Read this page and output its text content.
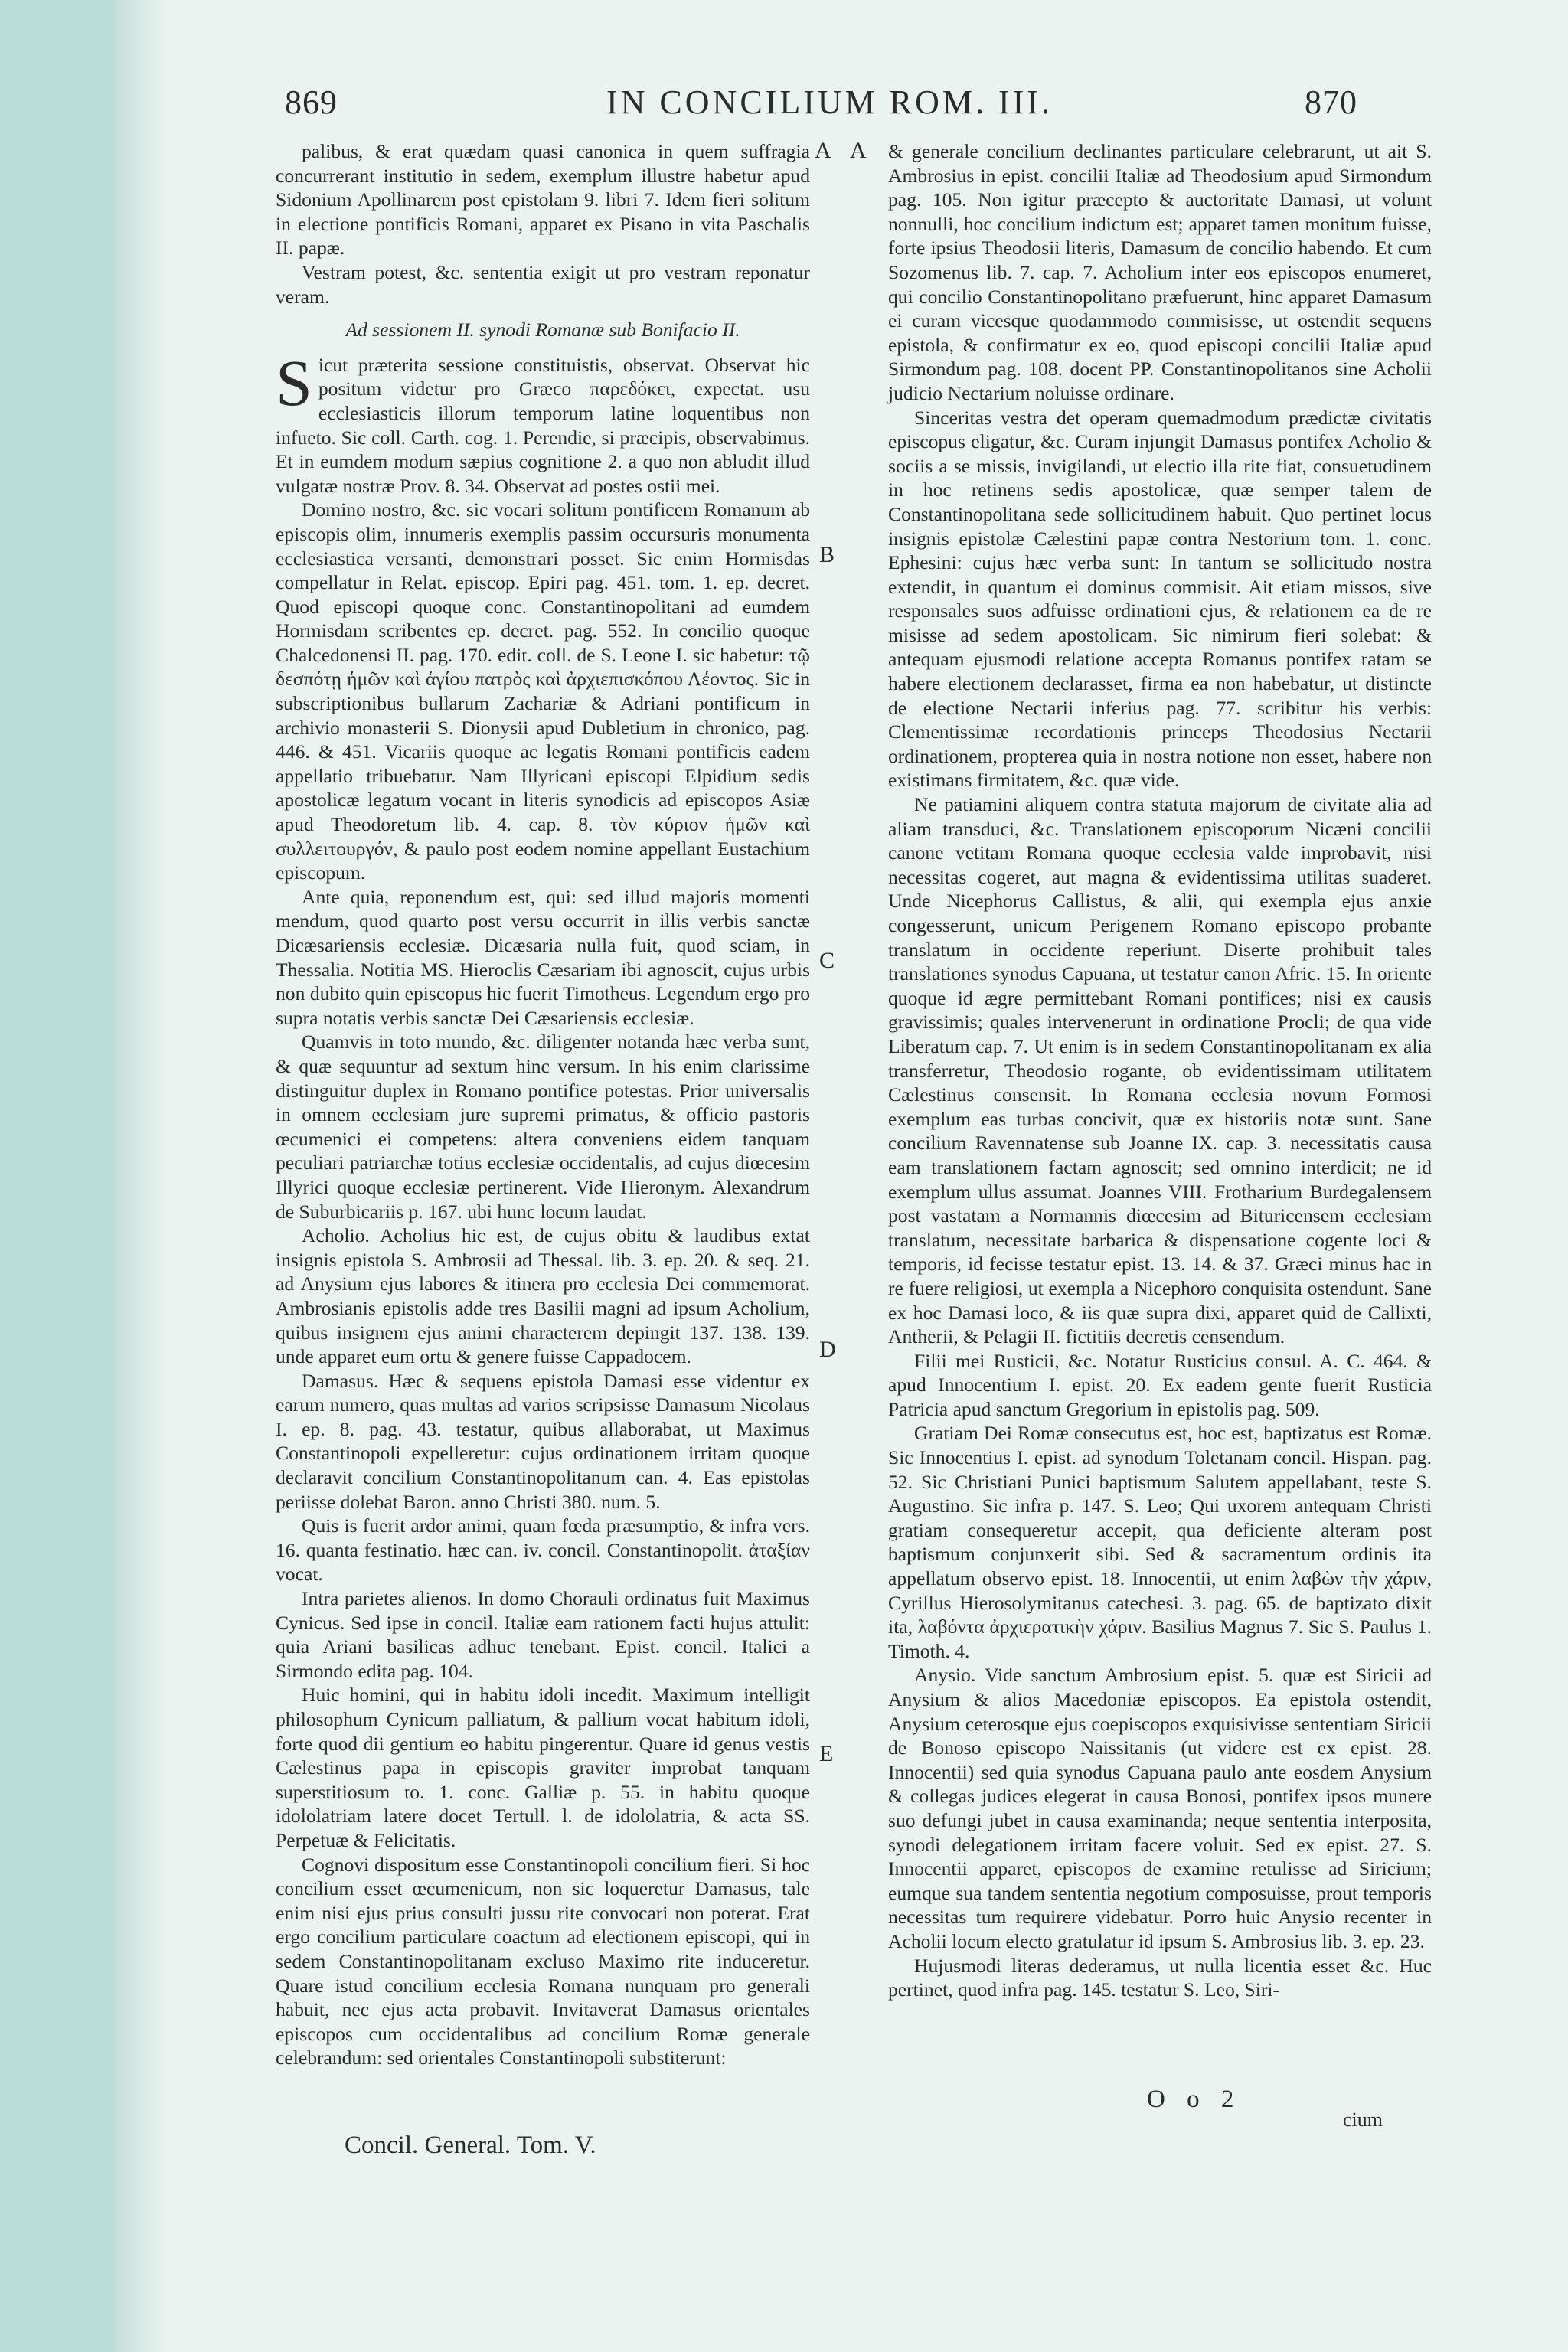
869	IN CONCILIUM ROM. III.	870

palibus, & erat quædam quasi canonica in quem suffragia concurrerant institutio in sedem, exemplum illustre habetur apud Sidonium Apollinarem post epistolam 9. libri 7. Idem fieri solitum in electione pontificis Romani, apparet ex Pisano in vita Paschalis II. papæ.

Vestram potest, &c. sententia exigit ut pro vestram reponatur veram.

Ad sessionem II. synodi Romanæ sub Bonifacio II.

Sicut præterita sessione constituistis, observat. Observat hic positum videtur pro Græco παρεδόκει, expectat. usu ecclesiasticis illorum temporum latine loquentibus non infueto. Sic coll. Carth. cog. 1. Perendie, si præcipis, observabimus. Et in eumdem modum sæpius cognitione 2. a quo non abludit illud vulgatæ nostræ Prov. 8. 34. Observat ad postes ostii mei.

Domino nostro, &c. sic vocari solitum pontificem Romanum ab episcopis olim, innumeris exemplis passim occursuris monumenta ecclesiastica versanti, demonstrari posset. Sic enim Hormisdas compellatur in Relat. episcop. Epiri pag. 451. tom. 1. ep. decret. Quod episcopi quoque conc. Constantinopolitani ad eumdem Hormisdam scribentes ep. decret. pag. 552. In concilio quoque Chalcedonensi II. pag. 170. edit. coll. de S. Leone I. sic habetur: τῷ δεσπότῃ ἡμῶν καὶ ἁγίου πατρὸς καὶ ἀρχιεπισκόπου Λέοντος. Sic in subscriptionibus bullarum Zachariæ & Adriani pontificum in archivio monasterii S. Dionysii apud Dubletium in chronico, pag. 446. & 451. Vicariis quoque ac legatis Romani pontificis eadem appellatio tribuebatur. Nam Illyricani episcopi Elpidium sedis apostolicæ legatum vocant in literis synodicis ad episcopos Asiæ apud Theodoretum lib. 4. cap. 8. τὸν κύριον ἡμῶν καὶ συλλειτουργόν, & paulo post eodem nomine appellant Eustachium episcopum.

Ante quia, reponendum est, qui: sed illud majoris momenti mendum, quod quarto post versu occurrit in illis verbis sanctæ Dicæsariensis ecclesiæ. Dicæsaria nulla fuit, quod sciam, in Thessalia. Notitia MS. Hieroclis Cæsariam ibi agnoscit, cujus urbis non dubito quin episcopus hic fuerit Timotheus. Legendum ergo pro supra notatis verbis sanctæ Dei Cæsariensis ecclesiæ.

Quamvis in toto mundo, &c. diligenter notanda hæc verba sunt, & quæ sequuntur ad sextum hinc versum. In his enim clarissime distinguitur duplex in Romano pontifice potestas. Prior universalis in omnem ecclesiam jure supremi primatus, & officio pastoris œcumenici ei competens: altera conveniens eidem tanquam peculiari patriarchæ totius ecclesiæ occidentalis, ad cujus diœcesim Illyrici quoque ecclesiæ pertinerent. Vide Hieronym. Alexandrum de Suburbicariis p. 167. ubi hunc locum laudat.

Acholio. Acholius hic est, de cujus obitu & laudibus extat insignis epistola S. Ambrosii ad Thessal. lib. 3. ep. 20. & seq. 21. ad Anysium ejus labores & itinera pro ecclesia Dei commemorat. Ambrosianis epistolis adde tres Basilii magni ad ipsum Acholium, quibus insignem ejus animi characterem depingit 137. 138. 139. unde apparet eum ortu & genere fuisse Cappadocem.

Damasus. Hæc & sequens epistola Damasi esse videntur ex earum numero, quas multas ad varios scripsisse Damasum Nicolaus I. ep. 8. pag. 43. testatur, quibus allaborabat, ut Maximus Constantinopoli expelleretur: cujus ordinationem irritam quoque declaravit concilium Constantinopolitanum can. 4. Eas epistolas periisse dolebat Baron. anno Christi 380. num. 5.

Quis is fuerit ardor animi, quam fœda præsumptio, & infra vers. 16. quanta festinatio. hæc can. iv. concil. Constantinopolit. ἀταξίαν vocat.

Intra parietes alienos. In domo Chorauli ordinatus fuit Maximus Cynicus. Sed ipse in concil. Italiæ eam rationem facti hujus attulit: quia Ariani basilicas adhuc tenebant. Epist. concil. Italici a Sirmondo edita pag. 104.

Huic homini, qui in habitu idoli incedit. Maximum intelligit philosophum Cynicum palliatum, & pallium vocat habitum idoli, forte quod dii gentium eo habitu pingerentur. Quare id genus vestis Cælestinus papa in episcopis graviter improbat tanquam superstitiosum to. 1. conc. Galliæ p. 55. in habitu quoque idololatriam latere docet Tertull. l. de idololatria, & acta SS. Perpetuæ & Felicitatis.

Cognovi dispositum esse Constantinopoli concilium fieri. Si hoc concilium esset œcumenicum, non sic loqueretur Damasus, tale enim nisi ejus prius consulti jussu rite convocari non poterat. Erat ergo concilium particulare coactum ad electionem episcopi, qui in sedem Constantinopolitanam excluso Maximo rite induceretur. Quare istud concilium ecclesia Romana nunquam pro generali habuit, nec ejus acta probavit. Invitaverat Damasus orientales episcopos cum occidentalibus ad concilium Romæ generale celebrandum: sed orientales Constantinopoli substiterunt:

A A
B
C
D
E

& generale concilium declinantes particulare celebrarunt, ut ait S. Ambrosius in epist. concilii Italiæ ad Theodosium apud Sirmondum pag. 105. Non igitur præcepto & auctoritate Damasi, ut volunt nonnulli, hoc concilium indictum est; apparet tamen monitum fuisse, forte ipsius Theodosii literis, Damasum de concilio habendo. Et cum Sozomenus lib. 7. cap. 7. Acholium inter eos episcopos enumeret, qui concilio Constantinopolitano præfuerunt, hinc apparet Damasum ei curam vicesque quodammodo commisisse, ut ostendit sequens epistola, & confirmatur ex eo, quod episcopi concilii Italiæ apud Sirmondum pag. 108. docent PP. Constantinopolitanos sine Acholii judicio Nectarium noluisse ordinare.

Sinceritas vestra det operam quemadmodum prædictæ civitatis episcopus eligatur, &c. Curam injungit Damasus pontifex Acholio & sociis a se missis, invigilandi, ut electio illa rite fiat, consuetudinem in hoc retinens sedis apostolicæ, quæ semper talem de Constantinopolitana sede sollicitudinem habuit. Quo pertinet locus insignis epistolæ Cælestini papæ contra Nestorium tom. 1. conc. Ephesini: cujus hæc verba sunt: In tantum se sollicitudo nostra extendit, in quantum ei dominus commisit. Ait etiam missos, sive responsales suos adfuisse ordinationi ejus, & relationem ea de re misisse ad sedem apostolicam. Sic nimirum fieri solebat: & antequam ejusmodi relatione accepta Romanus pontifex ratam se habere electionem declarasset, firma ea non habebatur, ut distincte de electione Nectarii inferius pag. 77. scribitur his verbis: Clementissimæ recordationis princeps Theodosius Nectarii ordinationem, propterea quia in nostra notione non esset, habere non existimans firmitatem, &c. quæ vide.

Ne patiamini aliquem contra statuta majorum de civitate alia ad aliam transduci, &c. Translationem episcoporum Nicæni concilii canone vetitam Romana quoque ecclesia valde improbavit, nisi necessitas cogeret, aut magna & evidentissima utilitas suaderet. Unde Nicephorus Callistus, & alii, qui exempla ejus anxie congesserunt, unicum Perigenem Romano episcopo probante translatum in occidente reperiunt. Diserte prohibuit tales translationes synodus Capuana, ut testatur canon Afric. 15. In oriente quoque id ægre permittebant Romani pontifices; nisi ex causis gravissimis; quales intervenerunt in ordinatione Procli; de qua vide Liberatum cap. 7. Ut enim is in sedem Constantinopolitanam ex alia transferretur, Theodosio rogante, ob evidentissimam utilitatem Cælestinus consensit. In Romana ecclesia novum Formosi exemplum eas turbas concivit, quæ ex historiis notæ sunt. Sane concilium Ravennatense sub Joanne IX. cap. 3. necessitatis causa eam translationem factam agnoscit; sed omnino interdicit; ne id exemplum ullus assumat. Joannes VIII. Frotharium Burdegalensem post vastatam a Normannis diœcesim ad Bituricensem ecclesiam translatum, necessitate barbarica & dispensatione cogente loci & temporis, id fecisse testatur epist. 13. 14. & 37. Græci minus hac in re fuere religiosi, ut exempla a Nicephoro conquisita ostendunt. Sane ex hoc Damasi loco, & iis quæ supra dixi, apparet quid de Callixti, Antherii, & Pelagii II. fictitiis decretis censendum.

Filii mei Rusticii, &c. Notatur Rusticius consul. A. C. 464. & apud Innocentium I. epist. 20. Ex eadem gente fuerit Rusticia Patricia apud sanctum Gregorium in epistolis pag. 509.

Gratiam Dei Romæ consecutus est, hoc est, baptizatus est Romæ. Sic Innocentius I. epist. ad synodum Toletanam concil. Hispan. pag. 52. Sic Christiani Punici baptismum Salutem appellabant, teste S. Augustino. Sic infra p. 147. S. Leo; Qui uxorem antequam Christi gratiam consequeretur accepit, qua deficiente alteram post baptismum conjunxerit sibi. Sed & sacramentum ordinis ita appellatum observo epist. 18. Innocentii, ut enim λαβὼν τὴν χάριν, Cyrillus Hierosolymitanus catechesi. 3. pag. 65. de baptizato dixit ita, λαβόντα ἀρχιερατικὴν χάριν. Basilius Magnus 7. Sic S. Paulus 1. Timoth. 4.

Anysio. Vide sanctum Ambrosium epist. 5. quæ est Siricii ad Anysium & alios Macedoniæ episcopos. Ea epistola ostendit, Anysium ceterosque ejus coepiscopos exquisivisse sententiam Siricii de Bonoso episcopo Naissitanis (ut videre est ex epist. 28. Innocentii) sed quia synodus Capuana paulo ante eosdem Anysium & collegas judices elegerat in causa Bonosi, pontifex ipsos munere suo defungi jubet in causa examinanda; neque sententia interposita, synodi delegationem irritam facere voluit. Sed ex epist. 27. S. Innocentii apparet, episcopos de examine retulisse ad Siricium; eumque sua tandem sententia negotium composuisse, prout temporis necessitas tum requirere videbatur. Porro huic Anysio recenter in Acholii locum electo gratulatur id ipsum S. Ambrosius lib. 3. ep. 23.

Hujusmodi literas dederamus, ut nulla licentia esset &c. Huc pertinet, quod infra pag. 145. testatur S. Leo, Siri-

Concil. General. Tom. V.
O o 2
cium
